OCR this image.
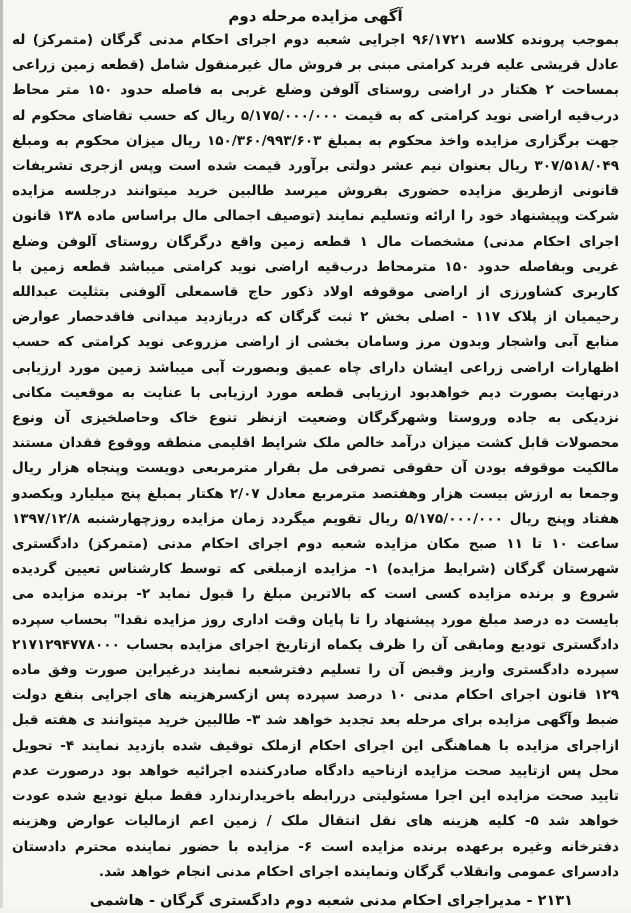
آگهی مزایده مرحله دوم

بموجب پرونده کلاسه ۹۶/۱۷۲۱ اجرایی شعبه دوم اجرای احکام مدنی گرگان (متمرکز) له عادل قریشی علیه فربد کرامتی مبنی بر فروش مال غیرمنقول شامل (قطعه زمین زراعی بمساحت ۲ هکتار در اراضی روستای آلوفن وضلع غربی به فاصله حدود ۱۵۰ متر محاط درب‌قیه اراضی نوید کرامتی که به قیمت ۵/۱۷۵/۰۰۰/۰۰۰ ریال که حسب تقاضای محکوم له جهت برگزاری مزایده واخذ محکوم به بمبلغ ۱۵۰/۳۶۰/۹۹۳/۶۰۳ ریال میزان محکوم به ومبلغ ۳۰۷/۵۱۸/۰۴۹ ریال بعنوان نیم عشر دولتی برآورد قیمت شده است وپس ازجری تشریفات قانونی ازطریق مزایده حضوری بفروش میرسد طالبین خرید میتوانند درجلسه مزایده شرکت وپیشنهاد خود را ارائه وتسلیم نمایند (توصیف اجمالی مال براساس ماده ۱۳۸ قانون اجرای احکام مدنی) مشخصات مال ۱ قطعه زمین واقع درگرگان روستای آلوفن وضلع غربی وبفاصله حدود ۱۵۰ مترمحاط درب‌قیه اراضی نوید کرامتی میباشد قطعه زمین با کاربری کشاورزی از اراضی موقوفه اولاد ذکور حاج قاسمعلی آلوفنی بتثلیت عبدالله رحیمیان از پلاک ۱۱۷ - اصلی بخش ۲ ثبت گرگان که دربازدید میدانی فاقدحصار عوارض منابع آبی واشجار وبدون مرز وسامان بخشی از اراضی مزروعی نوید کرامتی که حسب اظهارات اراضی زراعی ایشان دارای چاه عمیق وبصورت آبی میباشد زمین مورد ارزیابی درنهایت بصورت دیم خواهدبود ارزیابی قطعه مورد ارزیابی با عنایت به موقعیت مکانی نزدیکی به جاده وروستا وشهرگرگان وضعیت ازنظر تنوع خاک وحاصلخیزی آن ونوع محصولات قابل کشت میزان درآمد خالص ملک شرایط اقلیمی منطقه ووقوع فقدان مستند مالکیت موقوفه بودن آن حقوقی تصرفی مل بقرار مترمربعی دویست وپنجاه هزار ریال وجمعا به ارزش بیست هزار وهفتصد مترمربع معادل ۲/۰۷ هکتار بمبلغ پنج میلیارد ویکصدو هفتاد وپنج ریال ۵/۱۷۵/۰۰۰/۰۰۰ ریال تقویم میگردد زمان مزایده روزچهارشنبه ۱۳۹۷/۱۲/۸ ساعت ۱۰ تا ۱۱ صبح مکان مزایده شعبه دوم اجرای احکام مدنی (متمرکز) دادگستری شهرستان گرگان (شرایط مزایده) ۱- مزایده ازمبلغی که توسط کارشناس تعیین گردیده شروع و برنده مزایده کسی است که بالاترین مبلغ را قبول نماید ۲- برنده مزایده می بایست ده درصد مبلغ مورد پیشنهاد را تا پایان وقت اداری روز مزایده نقدا" بحساب سپرده دادگستری تودیع ومابقی آن را ظرف یکماه ازتاریخ اجرای مزایده بحساب ۲۱۷۱۲۹۴۷۷۸۰۰۰ سپرده دادگستری واریز وقبض آن را تسلیم دفترشعبه نمایند درغیراین صورت وفق ماده ۱۲۹ قانون اجرای احکام مدنی ۱۰ درصد سپرده پس ازکسرهزینه های اجرایی بنفع دولت ضبط وآگهی مزایده برای مرحله بعد تجدید خواهد شد ۳- طالبین خرید میتوانند ی هفته قبل ازاجرای مزایده با هماهنگی این اجرای احکام ازملک توقیف شده بازدید نمایند ۴- تحویل محل پس ازتایید صحت مزایده ازناحیه دادگاه صادرکننده اجرائیه خواهد بود درصورت عدم تایید صحت مزایده این اجرا مسئولیتی دررابطه باخریدارندارد فقط مبلغ تودیع شده عودت خواهد شد ۵- کلیه هزینه های نقل انتقال ملک / زمین اعم ازمالیات عوارض وهزینه دفترخانه وغیره برعهده برنده مزایده است ۶- مزایده با حضور نماینده محترم دادستان دادسرای عمومی وانقلاب گرگان ونماینده اجرای احکام مدنی انجام خواهد شد.

۲۱۳۱ - مدیراجرای احکام مدنی شعبه دوم دادگستری گرگان - هاشمی
